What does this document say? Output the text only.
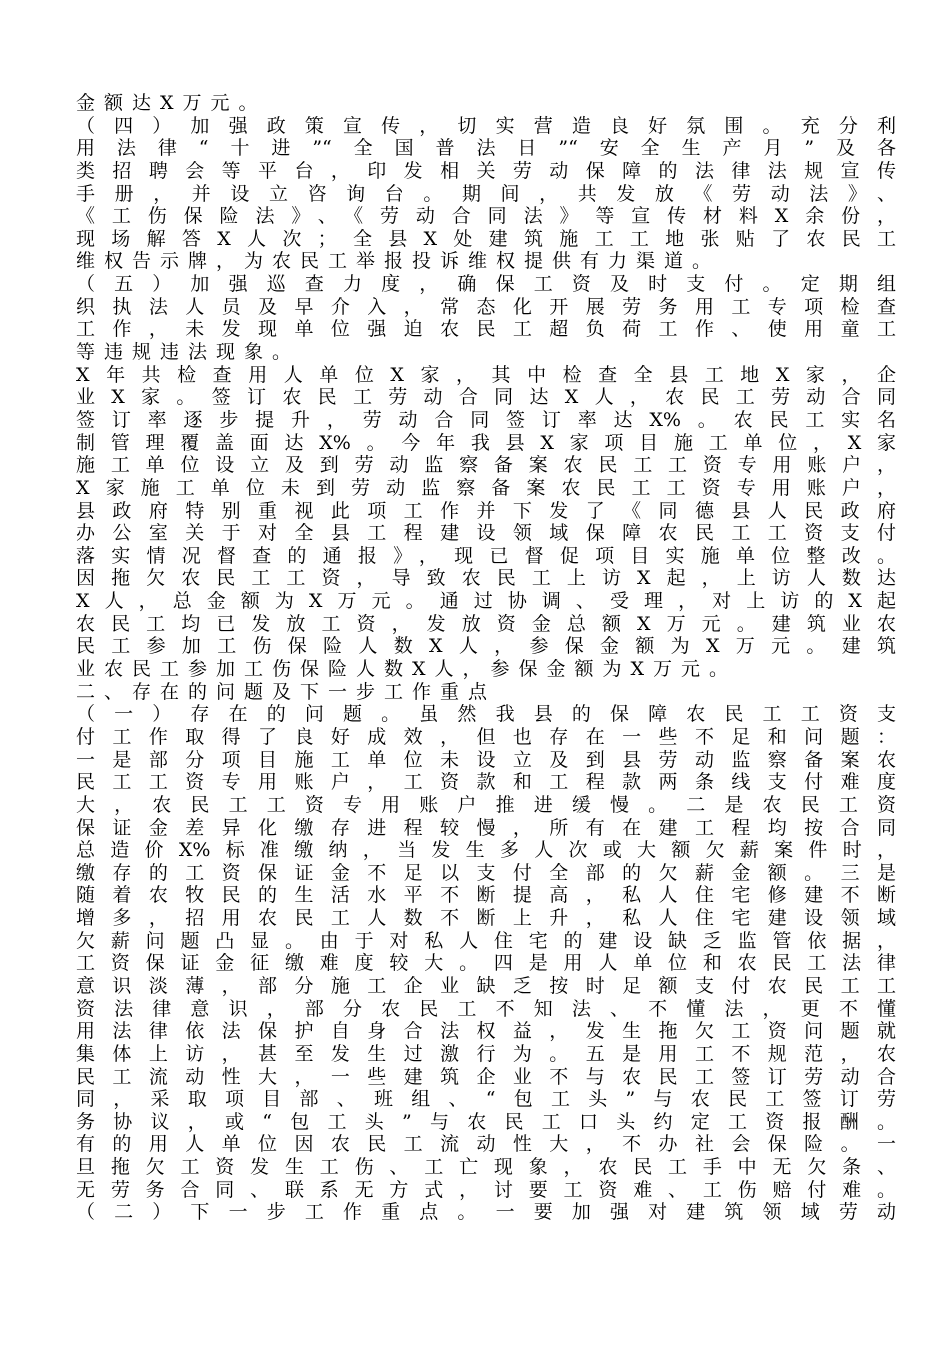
金额达X万元。
（四）加强政策宣传，切实营造良好氛围。充分利
用法律“十进”“全国普法日”“安全生产月”及各
类招聘会等平台，印发相关劳动保障的法律法规宣传
手册，并设立咨询台。期间，共发放《劳动法》、
《工伤保险法》、《劳动合同法》等宣传材料X余份，
现场解答X人次；全县X处建筑施工工地张贴了农民工
维权告示牌，为农民工举报投诉维权提供有力渠道。
（五）加强巡查力度，确保工资及时支付。定期组
织执法人员及早介入，常态化开展劳务用工专项检查
工作，未发现单位强迫农民工超负荷工作、使用童工
等违规违法现象。
X年共检查用人单位X家，其中检查全县工地X家，企
业X家。签订农民工劳动合同达X人，农民工劳动合同
签订率逐步提升，劳动合同签订率达X%。农民工实名
制管理覆盖面达X%。今年我县X家项目施工单位，X家
施工单位设立及到劳动监察备案农民工工资专用账户，
X家施工单位未到劳动监察备案农民工工资专用账户，
县政府特别重视此项工作并下发了《同德县人民政府
办公室关于对全县工程建设领域保障农民工工资支付
落实情况督查的通报》，现已督促项目实施单位整改。
因拖欠农民工工资，导致农民工上访X起，上访人数达
X人，总金额为X万元。通过协调、受理，对上访的X起
农民工均已发放工资，发放资金总额X万元。建筑业农
民工参加工伤保险人数X人，参保金额为X万元。建筑
业农民工参加工伤保险人数X人，参保金额为X万元。
二、存在的问题及下一步工作重点
（一）存在的问题。虽然我县的保障农民工工资支
付工作取得了良好成效，但也存在一些不足和问题：
一是部分项目施工单位未设立及到县劳动监察备案农
民工工资专用账户，工资款和工程款两条线支付难度
大，农民工工资专用账户推进缓慢。二是农民工资
保证金差异化缴存进程较慢，所有在建工程均按合同
总造价X%标准缴纳，当发生多人次或大额欠薪案件时，
缴存的工资保证金不足以支付全部的欠薪金额。三是
随着农牧民的生活水平不断提高，私人住宅修建不断
增多，招用农民工人数不断上升，私人住宅建设领域
欠薪问题凸显。由于对私人住宅的建设缺乏监管依据，
工资保证金征缴难度较大。四是用人单位和农民工法律
意识淡薄，部分施工企业缺乏按时足额支付农民工工
资法律意识，部分农民工不知法、不懂法，更不懂
用法律依法保护自身合法权益，发生拖欠工资问题就
集体上访，甚至发生过激行为。五是用工不规范，农
民工流动性大，一些建筑企业不与农民工签订劳动合
同，采取项目部、班组、“包工头”与农民工签订劳
务协议，或“包工头”与农民工口头约定工资报酬。
有的用人单位因农民工流动性大，不办社会保险。一
旦拖欠工资发生工伤、工亡现象，农民工手中无欠条、
无劳务合同、联系无方式，讨要工资难、工伤赔付难。
（二）下一步工作重点。一要加强对建筑领域劳动
